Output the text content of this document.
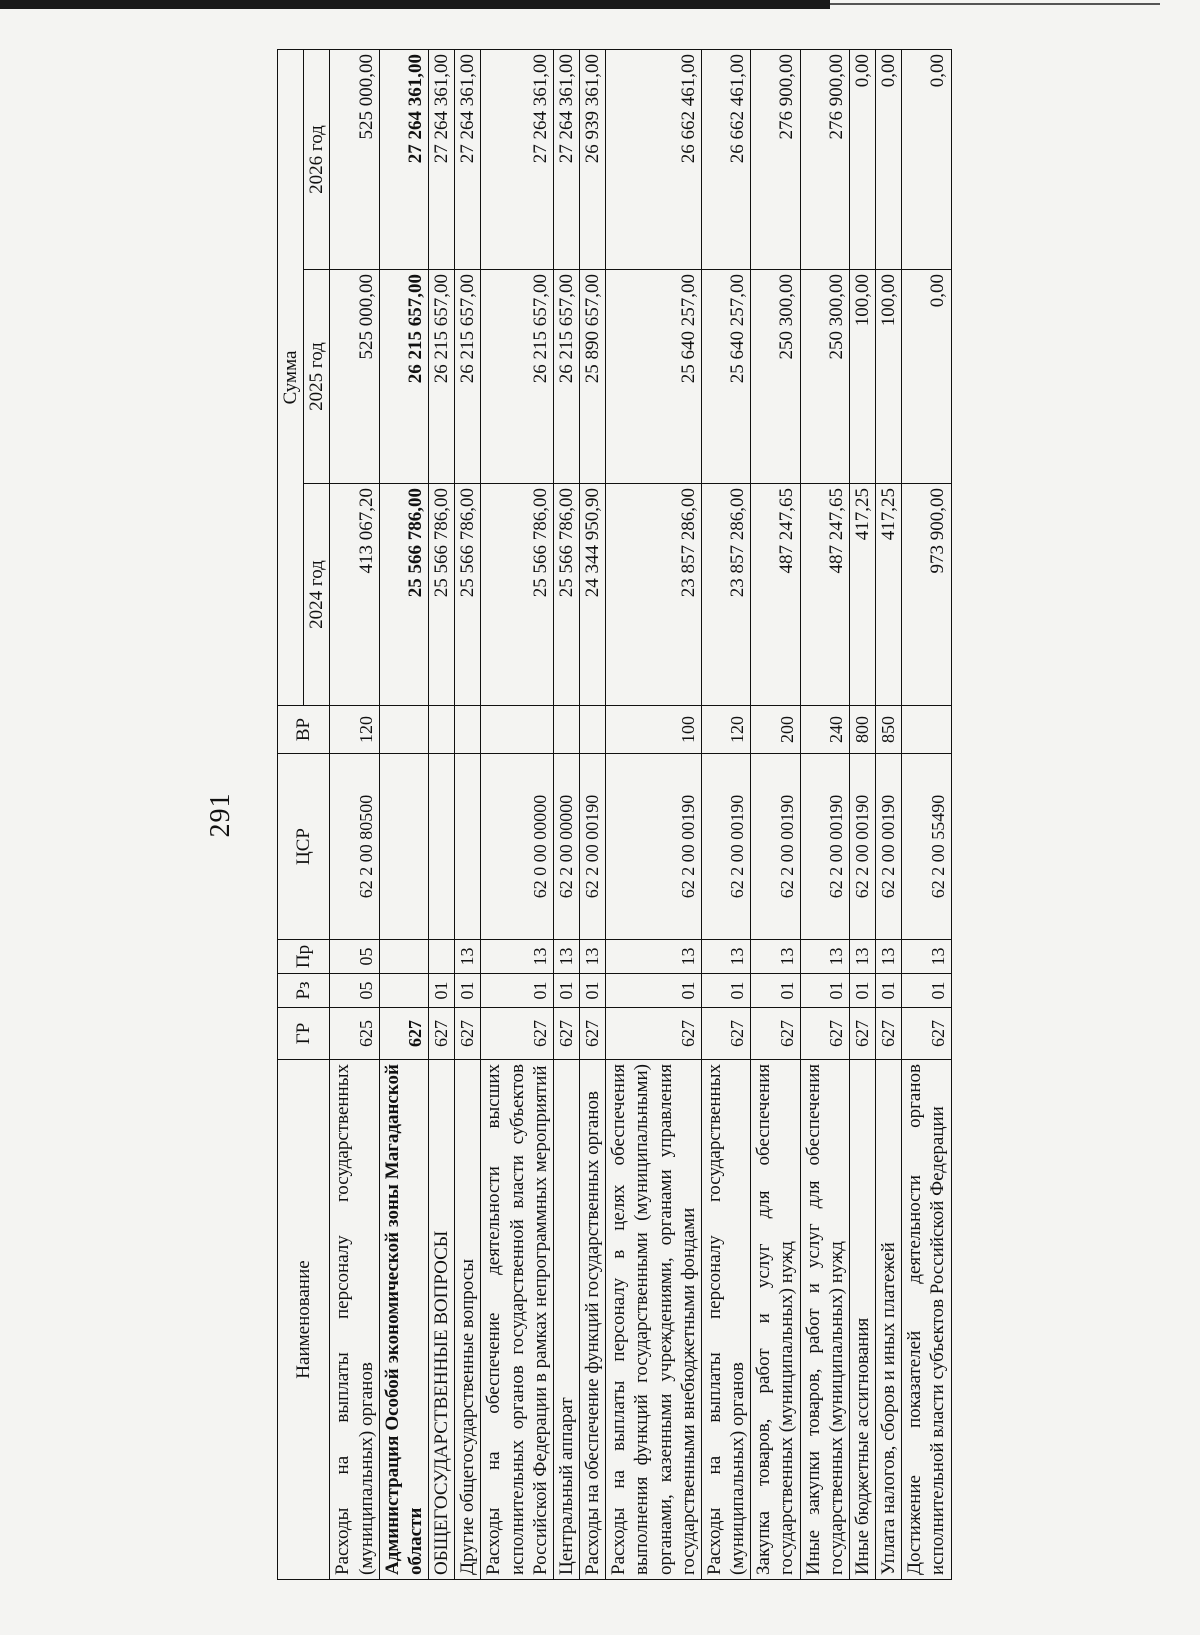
291
Наименование	ГР	Рз	Пр	ЦСР	ВР	Сумма		
						2024 год	2025 год	2026 год
Расходы на выплаты персоналу государственных (муниципальных) органов	625	05	05	62 2 00 80500	120	413 067,20	525 000,00	525 000,00
Администрация Особой экономической зоны Магаданской области	627					25 566 786,00	26 215 657,00	27 264 361,00
ОБЩЕГОСУДАРСТВЕННЫЕ ВОПРОСЫ	627	01				25 566 786,00	26 215 657,00	27 264 361,00
Другие общегосударственные вопросы	627	01	13			25 566 786,00	26 215 657,00	27 264 361,00
Расходы на обеспечение деятельности высших исполнительных органов государственной власти субъектов Российской Федерации в рамках непрограммных мероприятий	627	01	13	62 0 00 00000		25 566 786,00	26 215 657,00	27 264 361,00
Центральный аппарат	627	01	13	62 2 00 00000		25 566 786,00	26 215 657,00	27 264 361,00
Расходы на обеспечение функций государственных органов	627	01	13	62 2 00 00190		24 344 950,90	25 890 657,00	26 939 361,00
Расходы на выплаты персоналу в целях обеспечения выполнения функций государственными (муниципальными) органами, казенными учреждениями, органами управления государственными внебюджетными фондами	627	01	13	62 2 00 00190	100	23 857 286,00	25 640 257,00	26 662 461,00
Расходы на выплаты персоналу государственных (муниципальных) органов	627	01	13	62 2 00 00190	120	23 857 286,00	25 640 257,00	26 662 461,00
Закупка товаров, работ и услуг для обеспечения государственных (муниципальных) нужд	627	01	13	62 2 00 00190	200	487 247,65	250 300,00	276 900,00
Иные закупки товаров, работ и услуг для обеспечения государственных (муниципальных) нужд	627	01	13	62 2 00 00190	240	487 247,65	250 300,00	276 900,00
Иные бюджетные ассигнования	627	01	13	62 2 00 00190	800	417,25	100,00	0,00
Уплата налогов, сборов и иных платежей	627	01	13	62 2 00 00190	850	417,25	100,00	0,00
Достижение показателей деятельности органов исполнительной власти субъектов Российской Федерации	627	01	13	62 2 00 55490		973 900,00	0,00	0,00
